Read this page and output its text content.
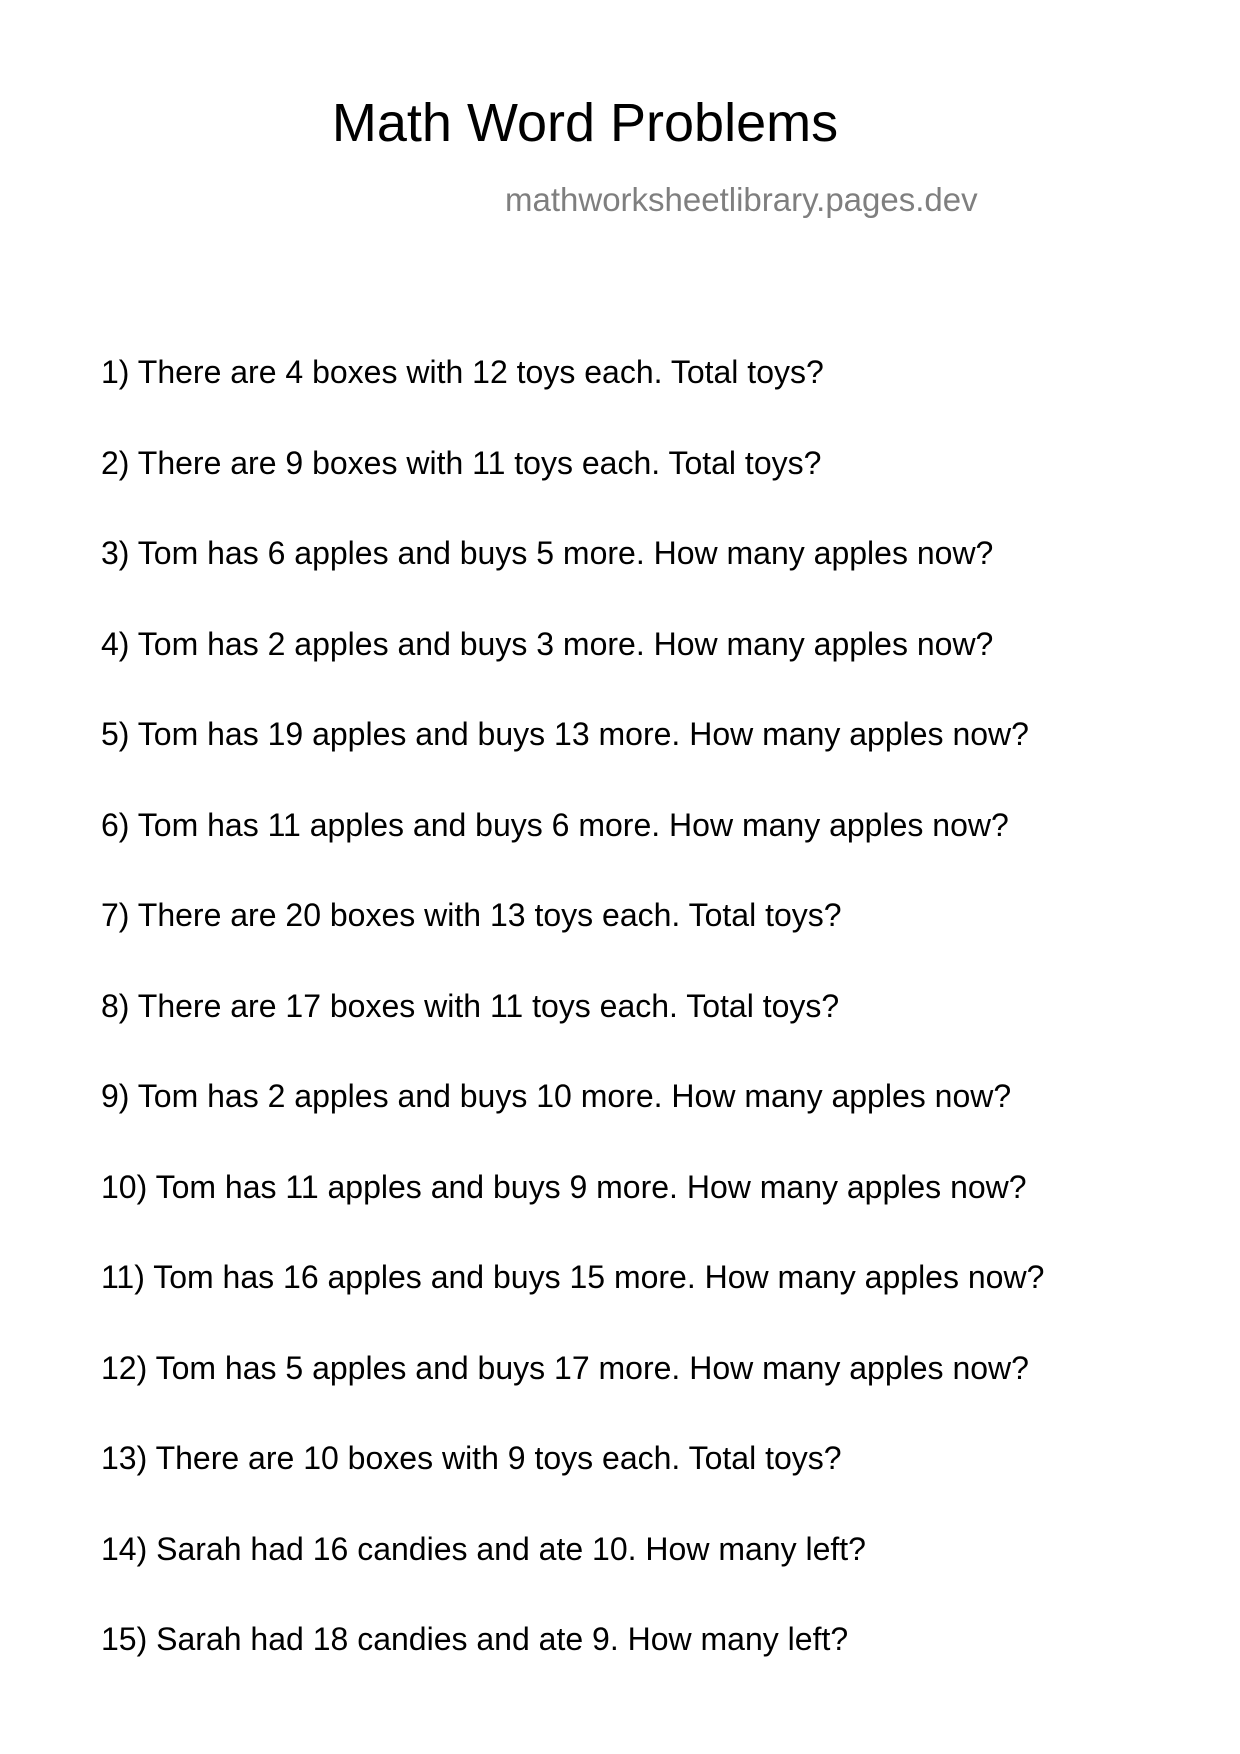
Math Word Problems
mathworksheetlibrary.pages.dev
1) There are 4 boxes with 12 toys each. Total toys?
2) There are 9 boxes with 11 toys each. Total toys?
3) Tom has 6 apples and buys 5 more. How many apples now?
4) Tom has 2 apples and buys 3 more. How many apples now?
5) Tom has 19 apples and buys 13 more. How many apples now?
6) Tom has 11 apples and buys 6 more. How many apples now?
7) There are 20 boxes with 13 toys each. Total toys?
8) There are 17 boxes with 11 toys each. Total toys?
9) Tom has 2 apples and buys 10 more. How many apples now?
10) Tom has 11 apples and buys 9 more. How many apples now?
11) Tom has 16 apples and buys 15 more. How many apples now?
12) Tom has 5 apples and buys 17 more. How many apples now?
13) There are 10 boxes with 9 toys each. Total toys?
14) Sarah had 16 candies and ate 10. How many left?
15) Sarah had 18 candies and ate 9. How many left?
